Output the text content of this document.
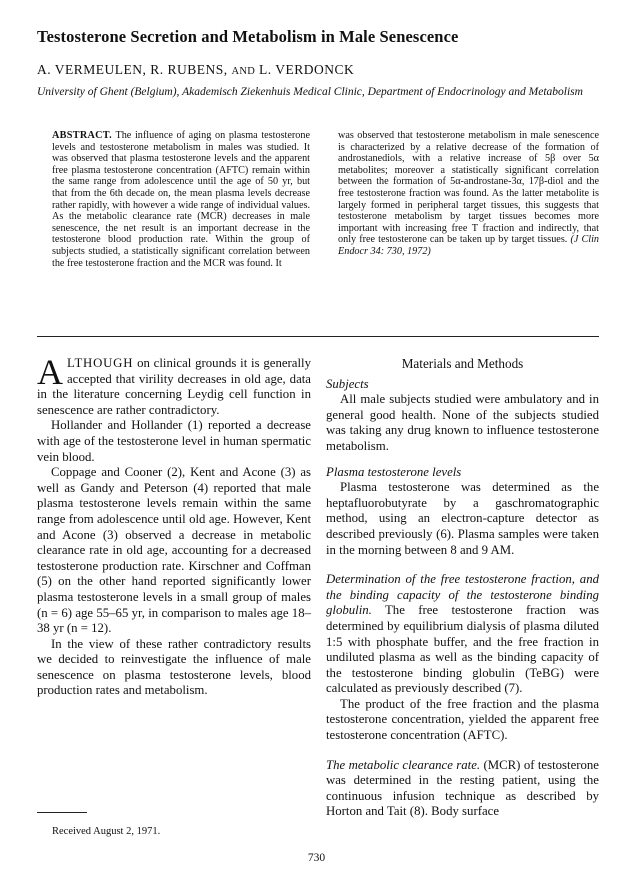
Testosterone Secretion and Metabolism in Male Senescence
A. VERMEULEN, R. RUBENS, AND L. VERDONCK
University of Ghent (Belgium), Akademisch Ziekenhuis Medical Clinic, Department of Endocrinology and Metabolism
ABSTRACT. The influence of aging on plasma testosterone levels and testosterone metabolism in males was studied. It was observed that plasma testosterone levels and the apparent free plasma testosterone concentration (AFTC) remain within the same range from adolescence until the age of 50 yr, but that from the 6th decade on, the mean plasma levels decrease rather rapidly, with however a wide range of individual values. As the metabolic clearance rate (MCR) decreases in male senescence, the net result is an important decrease in the testosterone blood production rate. Within the group of subjects studied, a statistically significant correlation between the free testosterone fraction and the MCR was found. It
was observed that testosterone metabolism in male senescence is characterized by a relative decrease of the formation of androstanediols, with a relative increase of 5β over 5α metabolites; moreover a statistically significant correlation between the formation of 5α-androstane-3α, 17β-diol and the free testosterone fraction was found. As the latter metabolite is largely formed in peripheral target tissues, this suggests that testosterone metabolism by target tissues becomes more important with increasing free T fraction and indirectly, that only free testosterone can be taken up by target tissues. (J Clin Endocr 34: 730, 1972)

ALTHOUGH on clinical grounds it is generally accepted that virility decreases in old age, data in the literature concerning Leydig cell function in senescence are rather contradictory.

Hollander and Hollander (1) reported a decrease with age of the testosterone level in human spermatic vein blood.

Coppage and Cooner (2), Kent and Acone (3) as well as Gandy and Peterson (4) reported that male plasma testosterone levels remain within the same range from adolescence until old age. However, Kent and Acone (3) observed a decrease in metabolic clearance rate in old age, accounting for a decreased testosterone production rate. Kirschner and Coffman (5) on the other hand reported significantly lower plasma testosterone levels in a small group of males (n = 6) age 55–65 yr, in comparison to males age 18–38 yr (n = 12).

In the view of these rather contradictory results we decided to reinvestigate the influence of male senescence on plasma testosterone levels, blood production rates and metabolism.

Materials and Methods

Subjects

All male subjects studied were ambulatory and in general good health. None of the subjects studied was taking any drug known to influence testosterone metabolism.

Plasma testosterone levels

Plasma testosterone was determined as the heptafluorobutyrate by a gaschromatographic method, using an electron-capture detector as described previously (6). Plasma samples were taken in the morning between 8 and 9 AM.

Determination of the free testosterone fraction, and the binding capacity of the testosterone binding globulin. The free testosterone fraction was determined by equilibrium dialysis of plasma diluted 1:5 with phosphate buffer, and the free fraction in undiluted plasma as well as the binding capacity of the testosterone binding globulin (TeBG) were calculated as previously described (7).

The product of the free fraction and the plasma testosterone concentration, yielded the apparent free testosterone concentration (AFTC).

The metabolic clearance rate. (MCR) of testosterone was determined in the resting patient, using the continuous infusion technique as described by Horton and Tait (8). Body surface

Received August 2, 1971.
730
